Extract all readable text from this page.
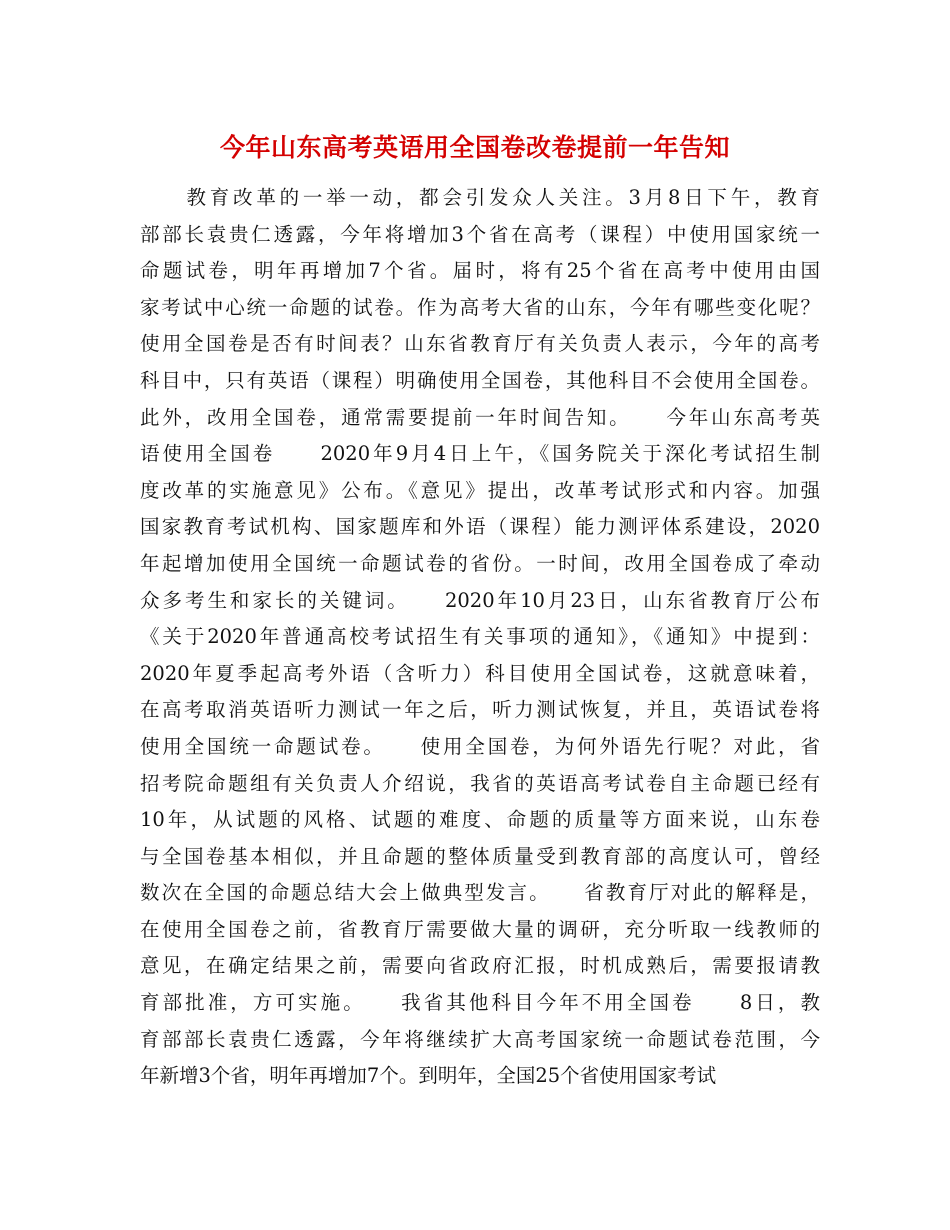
今年山东高考英语用全国卷改卷提前一年告知
　　教育改革的一举一动，都会引发众人关注。3月8日下午，教育
部部长袁贵仁透露，今年将增加3个省在高考（课程）中使用国家统一
命题试卷，明年再增加7个省。届时，将有25个省在高考中使用由国
家考试中心统一命题的试卷。作为高考大省的山东，今年有哪些变化呢？
使用全国卷是否有时间表？山东省教育厅有关负责人表示，今年的高考
科目中，只有英语（课程）明确使用全国卷，其他科目不会使用全国卷。
此外，改用全国卷，通常需要提前一年时间告知。　　今年山东高考英
语使用全国卷　　2020年9月4日上午，《国务院关于深化考试招生制
度改革的实施意见》公布。《意见》提出，改革考试形式和内容。加强
国家教育考试机构、国家题库和外语（课程）能力测评体系建设，2020
年起增加使用全国统一命题试卷的省份。一时间，改用全国卷成了牵动
众多考生和家长的关键词。　　2020年10月23日，山东省教育厅公布
《关于2020年普通高校考试招生有关事项的通知》，《通知》中提到：
2020年夏季起高考外语（含听力）科目使用全国试卷，这就意味着，
在高考取消英语听力测试一年之后，听力测试恢复，并且，英语试卷将
使用全国统一命题试卷。　　使用全国卷，为何外语先行呢？对此，省
招考院命题组有关负责人介绍说，我省的英语高考试卷自主命题已经有
10年，从试题的风格、试题的难度、命题的质量等方面来说，山东卷
与全国卷基本相似，并且命题的整体质量受到教育部的高度认可，曾经
数次在全国的命题总结大会上做典型发言。　　省教育厅对此的解释是，
在使用全国卷之前，省教育厅需要做大量的调研，充分听取一线教师的
意见，在确定结果之前，需要向省政府汇报，时机成熟后，需要报请教
育部批准，方可实施。　　我省其他科目今年不用全国卷　　8日，教
育部部长袁贵仁透露，今年将继续扩大高考国家统一命题试卷范围，今
年新增3个省，明年再增加7个。到明年，全国25个省使用国家考试
